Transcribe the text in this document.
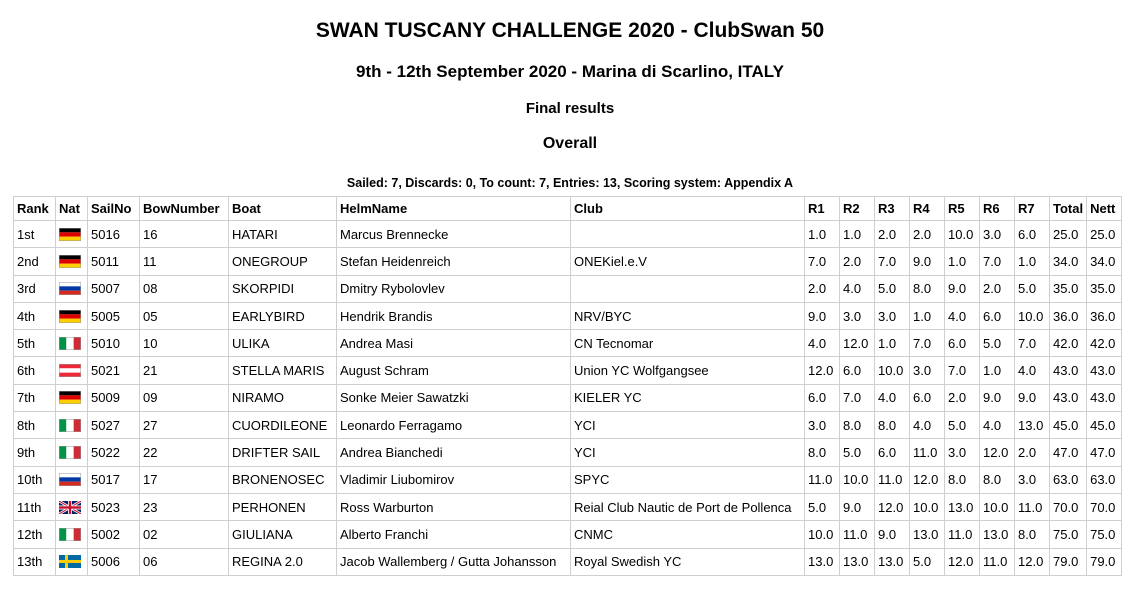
SWAN TUSCANY CHALLENGE 2020 - ClubSwan 50
9th - 12th September 2020 - Marina di Scarlino, ITALY
Final results
Overall
Sailed: 7, Discards: 0, To count: 7, Entries: 13, Scoring system: Appendix A
Rank	Nat	SailNo	BowNumber	Boat	HelmName	Club	R1	R2	R3	R4	R5	R6	R7	Total	Nett
1st		5016	16	HATARI	Marcus Brennecke		1.0	1.0	2.0	2.0	10.0	3.0	6.0	25.0	25.0
2nd		5011	11	ONEGROUP	Stefan Heidenreich	ONEKiel.e.V	7.0	2.0	7.0	9.0	1.0	7.0	1.0	34.0	34.0
3rd		5007	08	SKORPIDI	Dmitry Rybolovlev		2.0	4.0	5.0	8.0	9.0	2.0	5.0	35.0	35.0
4th		5005	05	EARLYBIRD	Hendrik Brandis	NRV/BYC	9.0	3.0	3.0	1.0	4.0	6.0	10.0	36.0	36.0
5th		5010	10	ULIKA	Andrea Masi	CN Tecnomar	4.0	12.0	1.0	7.0	6.0	5.0	7.0	42.0	42.0
6th		5021	21	STELLA MARIS	August Schram	Union YC Wolfgangsee	12.0	6.0	10.0	3.0	7.0	1.0	4.0	43.0	43.0
7th		5009	09	NIRAMO	Sonke Meier Sawatzki	KIELER YC	6.0	7.0	4.0	6.0	2.0	9.0	9.0	43.0	43.0
8th		5027	27	CUORDILEONE	Leonardo Ferragamo	YCI	3.0	8.0	8.0	4.0	5.0	4.0	13.0	45.0	45.0
9th		5022	22	DRIFTER SAIL	Andrea Bianchedi	YCI	8.0	5.0	6.0	11.0	3.0	12.0	2.0	47.0	47.0
10th		5017	17	BRONENOSEC	Vladimir Liubomirov	SPYC	11.0	10.0	11.0	12.0	8.0	8.0	3.0	63.0	63.0
11th		5023	23	PERHONEN	Ross Warburton	Reial Club Nautic de Port de Pollenca	5.0	9.0	12.0	10.0	13.0	10.0	11.0	70.0	70.0
12th		5002	02	GIULIANA	Alberto Franchi	CNMC	10.0	11.0	9.0	13.0	11.0	13.0	8.0	75.0	75.0
13th		5006	06	REGINA 2.0	Jacob Wallemberg / Gutta Johansson	Royal Swedish YC	13.0	13.0	13.0	5.0	12.0	11.0	12.0	79.0	79.0
